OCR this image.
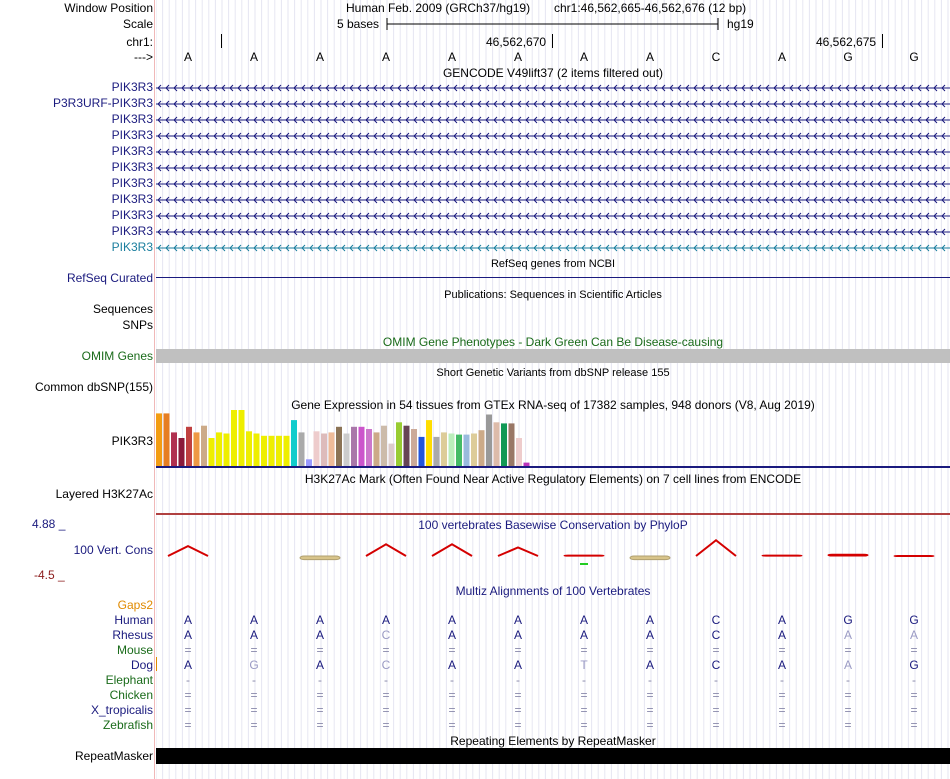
Window Position
Scale
chr1:
--->
Human Feb. 2009 (GRCh37/hg19) chr1:46,562,665-46,562,676 (12 bp)
5 bases	hg19
46,562,670	46,562,675
A	A	A	A	A	A	A	A	C	A	G	G
GENCODE V49lift37 (2 items filtered out)
PIK3R3
P3R3URF-PIK3R3
PIK3R3
PIK3R3
PIK3R3
PIK3R3
PIK3R3
PIK3R3
PIK3R3
PIK3R3
PIK3R3
RefSeq genes from NCBI
RefSeq Curated
Publications: Sequences in Scientific Articles
Sequences
SNPs
OMIM Gene Phenotypes - Dark Green Can Be Disease-causing
OMIM Genes
Short Genetic Variants from dbSNP release 155
Common dbSNP(155)
Gene Expression in 54 tissues from GTEx RNA-seq of 17382 samples, 948 donors (V8, Aug 2019)
PIK3R3
H3K27Ac Mark (Often Found Near Active Regulatory Elements) on 7 cell lines from ENCODE
Layered H3K27Ac
100 vertebrates Basewise Conservation by PhyloP
4.88 _
100 Vert. Cons
-4.5 _
Multiz Alignments of 100 Vertebrates
Gaps2
Human	A	A	A	A	A	A	A	A	C	A	G	G
Rhesus	A	A	A	C	A	A	A	A	C	A	A	A
Mouse	=	=	=	=	=	=	=	=	=	=	=	=
Dog	A	G	A	C	A	A	T	A	C	A	A	G
Elephant	-	-	-	-	-	-	-	-	-	-	-	-
Chicken	=	=	=	=	=	=	=	=	=	=	=	=
X_tropicalis	=	=	=	=	=	=	=	=	=	=	=	=
Zebrafish	=	=	=	=	=	=	=	=	=	=	=	=
Repeating Elements by RepeatMasker
RepeatMasker
